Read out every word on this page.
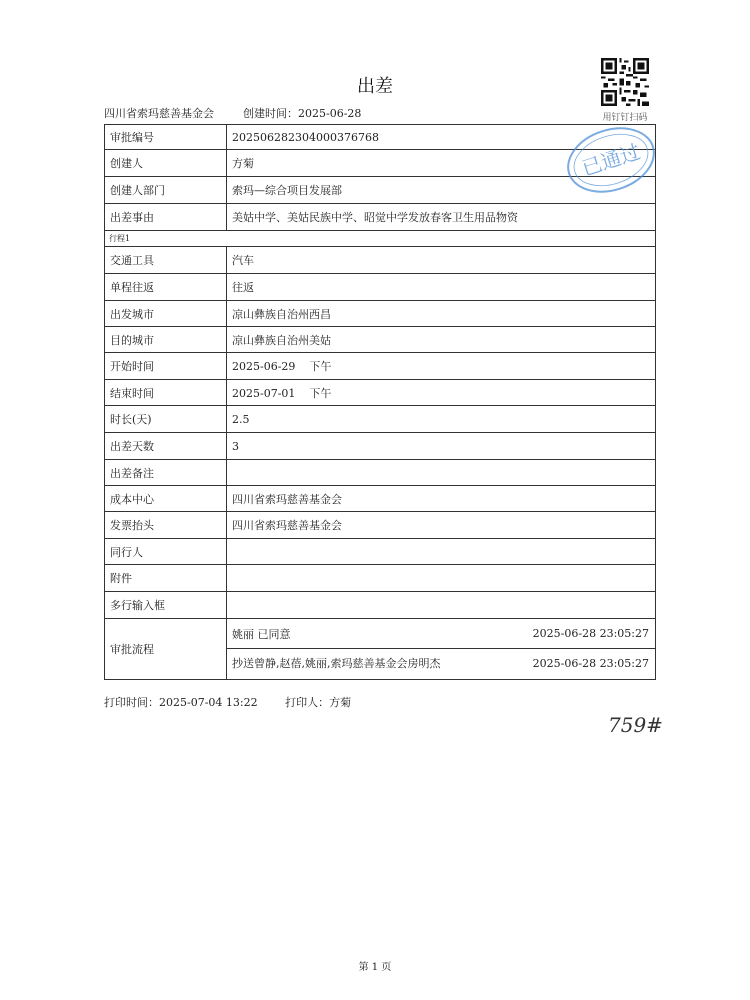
出差
四川省索玛慈善基金会	创建时间：2025-06-28	用钉钉扫码
审批编号	202506282304000376768
创建人	方菊
创建人部门	索玛—综合项目发展部
出差事由	美姑中学、美姑民族中学、昭觉中学发放春客卫生用品物资
行程1
交通工具	汽车
单程往返	往返
出发城市	凉山彝族自治州西昌
目的城市	凉山彝族自治州美姑
开始时间	2025-06-29    下午
结束时间	2025-07-01    下午
时长(天)	2.5
出差天数	3
出差备注
成本中心	四川省索玛慈善基金会
发票抬头	四川省索玛慈善基金会
同行人
附件
多行输入框
审批流程
姚丽 已同意	2025-06-28 23:05:27
抄送曾静,赵蓓,姚丽,索玛慈善基金会房明杰	2025-06-28 23:05:27
已通过
打印时间：2025-07-04 13:22	打印人：方菊
759#
第 1 页
